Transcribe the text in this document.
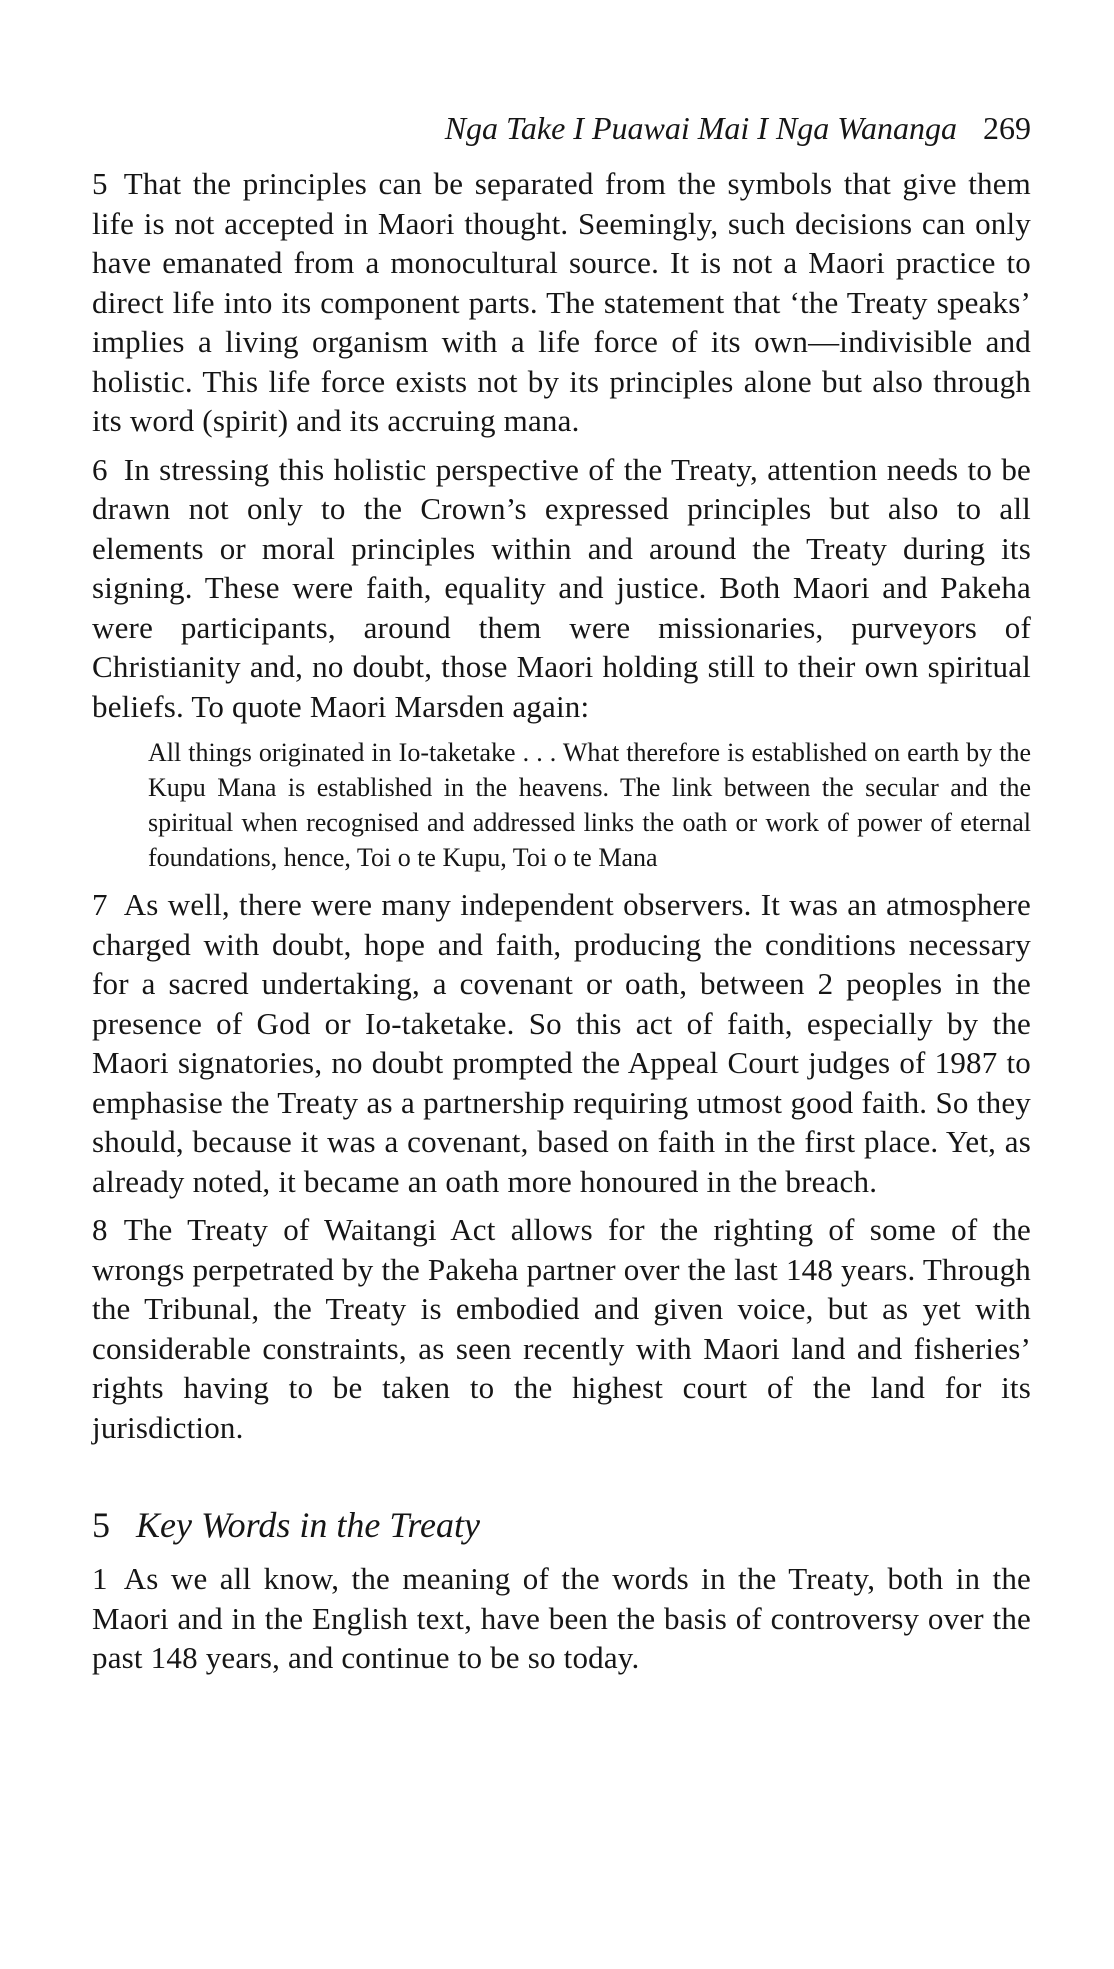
Nga Take I Puawai Mai I Nga Wananga 269

5 That the principles can be separated from the symbols that give them life is not accepted in Maori thought. Seemingly, such decisions can only have emanated from a monocultural source. It is not a Maori practice to direct life into its component parts. The statement that ‘the Treaty speaks’ implies a living organism with a life force of its own—indivisible and holistic. This life force exists not by its principles alone but also through its word (spirit) and its accruing mana.

6 In stressing this holistic perspective of the Treaty, attention needs to be drawn not only to the Crown’s expressed principles but also to all elements or moral principles within and around the Treaty during its signing. These were faith, equality and justice. Both Maori and Pakeha were participants, around them were missionaries, purveyors of Christianity and, no doubt, those Maori holding still to their own spiritual beliefs. To quote Maori Marsden again:

All things originated in Io-taketake . . . What therefore is established on earth by the Kupu Mana is established in the heavens. The link between the secular and the spiritual when recognised and addressed links the oath or work of power of eternal foundations, hence, Toi o te Kupu, Toi o te Mana

7 As well, there were many independent observers. It was an atmosphere charged with doubt, hope and faith, producing the conditions necessary for a sacred undertaking, a covenant or oath, between 2 peoples in the presence of God or Io-taketake. So this act of faith, especially by the Maori signatories, no doubt prompted the Appeal Court judges of 1987 to emphasise the Treaty as a partnership requiring utmost good faith. So they should, because it was a covenant, based on faith in the first place. Yet, as already noted, it became an oath more honoured in the breach.

8 The Treaty of Waitangi Act allows for the righting of some of the wrongs perpetrated by the Pakeha partner over the last 148 years. Through the Tribunal, the Treaty is embodied and given voice, but as yet with considerable constraints, as seen recently with Maori land and fisheries’ rights having to be taken to the highest court of the land for its jurisdiction.

5 Key Words in the Treaty

1 As we all know, the meaning of the words in the Treaty, both in the Maori and in the English text, have been the basis of controversy over the past 148 years, and continue to be so today.
